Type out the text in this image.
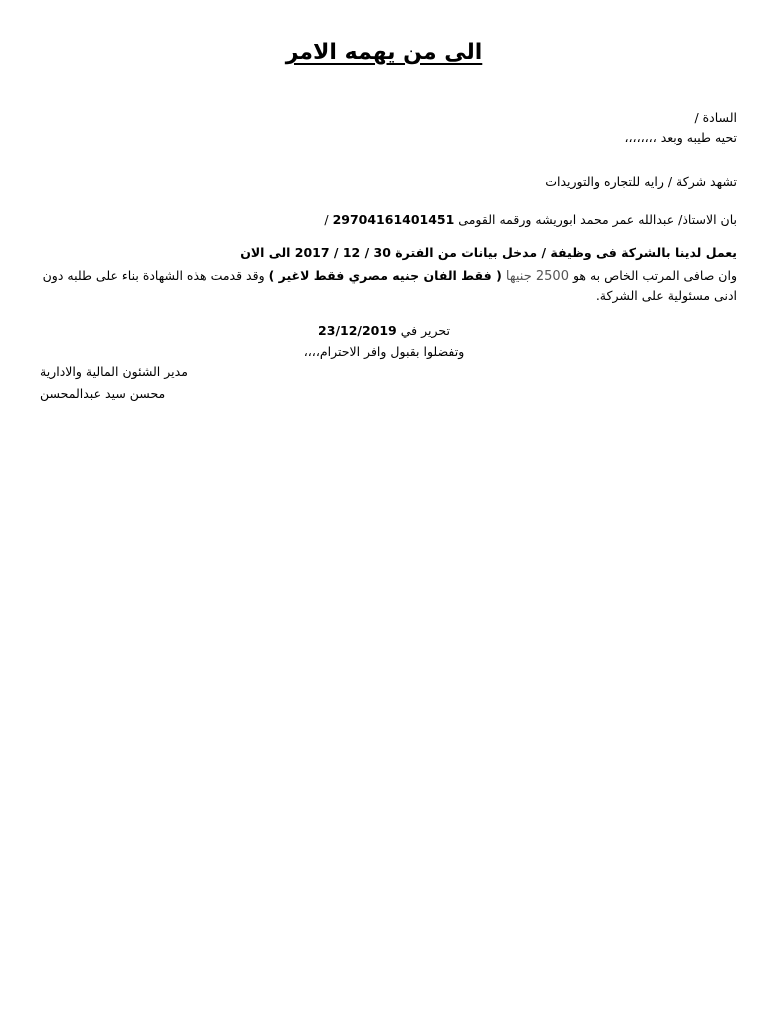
الى من يهمه الامر
السادة /
تحيه طيبه وبعد ،،،،،،،،
تشهد شركة / رايه للتجاره والتوريدات
بان الاستاذ/ عبدالله عمر محمد ابوريشه ورقمه القومى 29704161401451 /
يعمل لدينا بالشركة فى وظيفة / مدخل بيانات من الفترة 30 / 12 / 2017 الى الان
وان صافى المرتب الخاص به هو 2500 جنيها ( فقط الفان جنيه مصري فقط لاغير ) وقد قدمت هذه الشهادة بناء على طلبه دون
ادنى مسئولية على الشركة.
تحرير في 23/12/2019
وتفضلوا بقبول وافر الاحترام،،،،
مدير الشئون المالية والادارية
محسن سيد عبدالمحسن
